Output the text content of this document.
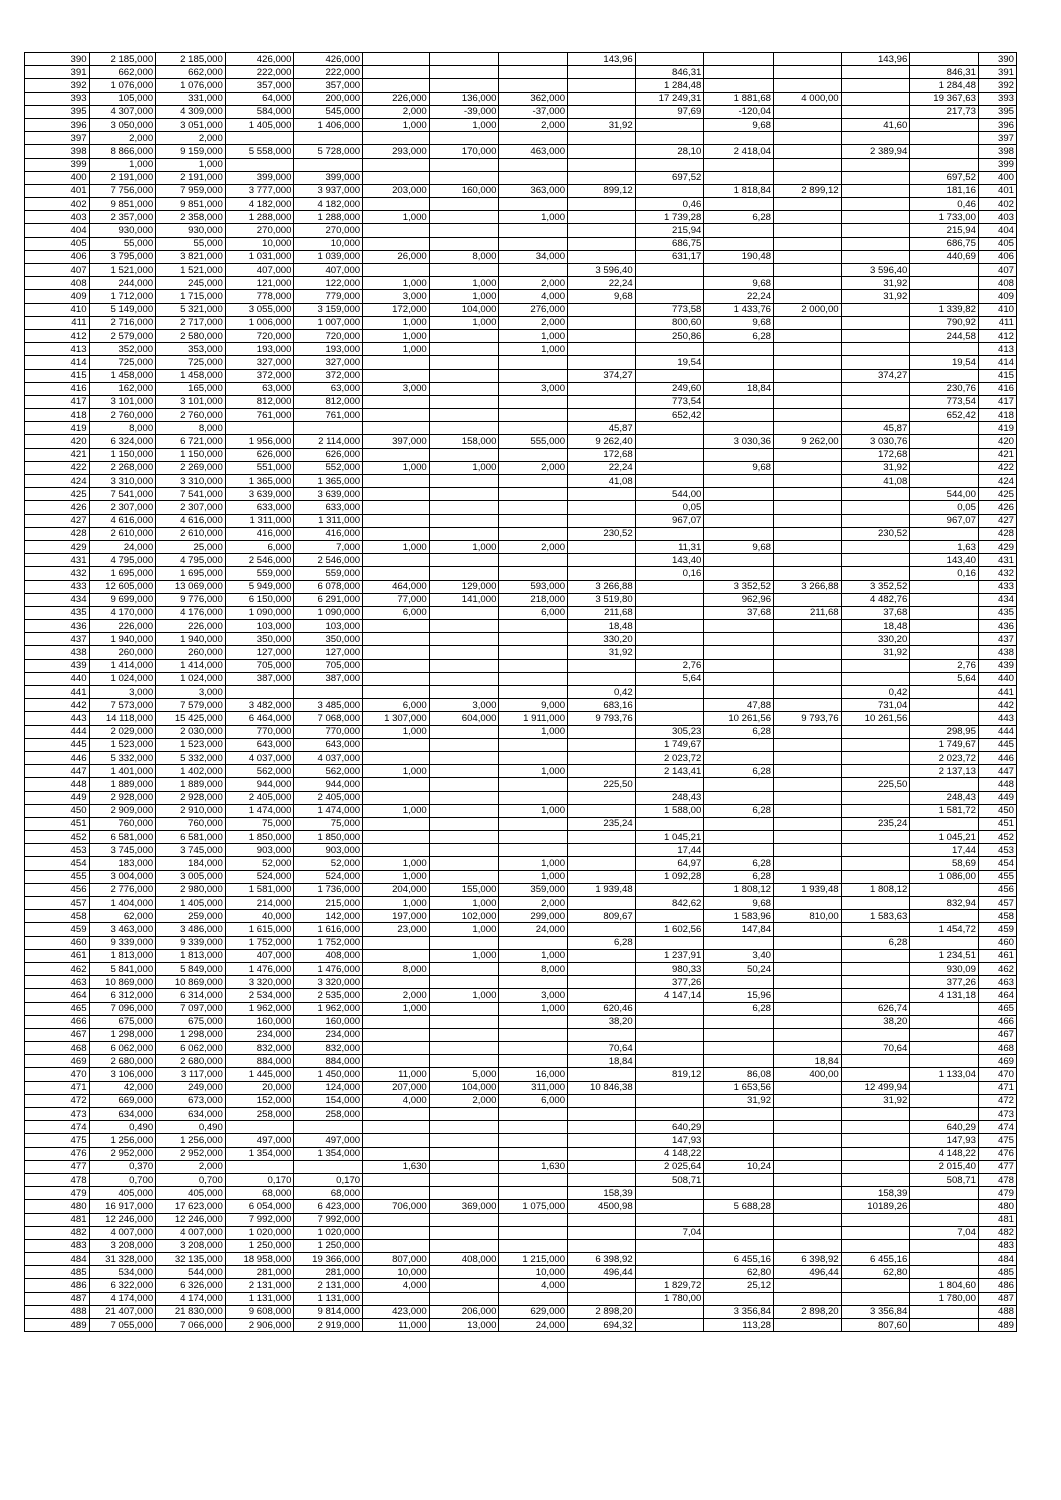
390	2 185,000	2 185,000	426,000	426,000				143,96				143,96		390
391	662,000	662,000	222,000	222,000					846,31				846,31	391
392	1 076,000	1 076,000	357,000	357,000					1 284,48				1 284,48	392
393	105,000	331,000	64,000	200,000	226,000	136,000	362,000		17 249,31	1 881,68	4 000,00		19 367,63	393
395	4 307,000	4 309,000	584,000	545,000	2,000	-39,000	-37,000		97,69	-120,04			217,73	395
396	3 050,000	3 051,000	1 405,000	1 406,000	1,000	1,000	2,000	31,92		9,68		41,60		396
397	2,000	2,000												397
398	8 866,000	9 159,000	5 558,000	5 728,000	293,000	170,000	463,000		28,10	2 418,04		2 389,94		398
399	1,000	1,000												399
400	2 191,000	2 191,000	399,000	399,000					697,52				697,52	400
401	7 756,000	7 959,000	3 777,000	3 937,000	203,000	160,000	363,000	899,12		1 818,84	2 899,12		181,16	401
402	9 851,000	9 851,000	4 182,000	4 182,000					0,46				0,46	402
403	2 357,000	2 358,000	1 288,000	1 288,000	1,000		1,000		1 739,28	6,28			1 733,00	403
404	930,000	930,000	270,000	270,000					215,94				215,94	404
405	55,000	55,000	10,000	10,000					686,75				686,75	405
406	3 795,000	3 821,000	1 031,000	1 039,000	26,000	8,000	34,000		631,17	190,48			440,69	406
407	1 521,000	1 521,000	407,000	407,000				3 596,40				3 596,40		407
408	244,000	245,000	121,000	122,000	1,000	1,000	2,000	22,24		9,68		31,92		408
409	1 712,000	1 715,000	778,000	779,000	3,000	1,000	4,000	9,68		22,24		31,92		409
410	5 149,000	5 321,000	3 055,000	3 159,000	172,000	104,000	276,000		773,58	1 433,76	2 000,00		1 339,82	410
411	2 716,000	2 717,000	1 006,000	1 007,000	1,000	1,000	2,000		800,60	9,68			790,92	411
412	2 579,000	2 580,000	720,000	720,000	1,000		1,000		250,86	6,28			244,58	412
413	352,000	353,000	193,000	193,000	1,000		1,000							413
414	725,000	725,000	327,000	327,000					19,54				19,54	414
415	1 458,000	1 458,000	372,000	372,000				374,27				374,27		415
416	162,000	165,000	63,000	63,000	3,000		3,000		249,60	18,84			230,76	416
417	3 101,000	3 101,000	812,000	812,000					773,54				773,54	417
418	2 760,000	2 760,000	761,000	761,000					652,42				652,42	418
419	8,000	8,000						45,87				45,87		419
420	6 324,000	6 721,000	1 956,000	2 114,000	397,000	158,000	555,000	9 262,40		3 030,36	9 262,00	3 030,76		420
421	1 150,000	1 150,000	626,000	626,000				172,68				172,68		421
422	2 268,000	2 269,000	551,000	552,000	1,000	1,000	2,000	22,24		9,68		31,92		422
424	3 310,000	3 310,000	1 365,000	1 365,000				41,08				41,08		424
425	7 541,000	7 541,000	3 639,000	3 639,000					544,00				544,00	425
426	2 307,000	2 307,000	633,000	633,000					0,05				0,05	426
427	4 616,000	4 616,000	1 311,000	1 311,000					967,07				967,07	427
428	2 610,000	2 610,000	416,000	416,000				230,52				230,52		428
429	24,000	25,000	6,000	7,000	1,000	1,000	2,000		11,31	9,68			1,63	429
431	4 795,000	4 795,000	2 546,000	2 546,000					143,40				143,40	431
432	1 695,000	1 695,000	559,000	559,000					0,16				0,16	432
433	12 605,000	13 069,000	5 949,000	6 078,000	464,000	129,000	593,000	3 266,88		3 352,52	3 266,88	3 352,52		433
434	9 699,000	9 776,000	6 150,000	6 291,000	77,000	141,000	218,000	3 519,80		962,96		4 482,76		434
435	4 170,000	4 176,000	1 090,000	1 090,000	6,000		6,000	211,68		37,68	211,68	37,68		435
436	226,000	226,000	103,000	103,000				18,48				18,48		436
437	1 940,000	1 940,000	350,000	350,000				330,20				330,20		437
438	260,000	260,000	127,000	127,000				31,92				31,92		438
439	1 414,000	1 414,000	705,000	705,000					2,76				2,76	439
440	1 024,000	1 024,000	387,000	387,000					5,64				5,64	440
441	3,000	3,000						0,42				0,42		441
442	7 573,000	7 579,000	3 482,000	3 485,000	6,000	3,000	9,000	683,16		47,88		731,04		442
443	14 118,000	15 425,000	6 464,000	7 068,000	1 307,000	604,000	1 911,000	9 793,76		10 261,56	9 793,76	10 261,56		443
444	2 029,000	2 030,000	770,000	770,000	1,000		1,000		305,23	6,28			298,95	444
445	1 523,000	1 523,000	643,000	643,000					1 749,67				1 749,67	445
446	5 332,000	5 332,000	4 037,000	4 037,000					2 023,72				2 023,72	446
447	1 401,000	1 402,000	562,000	562,000	1,000		1,000		2 143,41	6,28			2 137,13	447
448	1 889,000	1 889,000	944,000	944,000				225,50				225,50		448
449	2 928,000	2 928,000	2 405,000	2 405,000					248,43				248,43	449
450	2 909,000	2 910,000	1 474,000	1 474,000	1,000		1,000		1 588,00	6,28			1 581,72	450
451	760,000	760,000	75,000	75,000				235,24				235,24		451
452	6 581,000	6 581,000	1 850,000	1 850,000					1 045,21				1 045,21	452
453	3 745,000	3 745,000	903,000	903,000					17,44				17,44	453
454	183,000	184,000	52,000	52,000	1,000		1,000		64,97	6,28			58,69	454
455	3 004,000	3 005,000	524,000	524,000	1,000		1,000		1 092,28	6,28			1 086,00	455
456	2 776,000	2 980,000	1 581,000	1 736,000	204,000	155,000	359,000	1 939,48		1 808,12	1 939,48	1 808,12		456
457	1 404,000	1 405,000	214,000	215,000	1,000	1,000	2,000		842,62	9,68			832,94	457
458	62,000	259,000	40,000	142,000	197,000	102,000	299,000	809,67		1 583,96	810,00	1 583,63		458
459	3 463,000	3 486,000	1 615,000	1 616,000	23,000	1,000	24,000		1 602,56	147,84			1 454,72	459
460	9 339,000	9 339,000	1 752,000	1 752,000				6,28				6,28		460
461	1 813,000	1 813,000	407,000	408,000		1,000	1,000		1 237,91	3,40			1 234,51	461
462	5 841,000	5 849,000	1 476,000	1 476,000	8,000		8,000		980,33	50,24			930,09	462
463	10 869,000	10 869,000	3 320,000	3 320,000					377,26				377,26	463
464	6 312,000	6 314,000	2 534,000	2 535,000	2,000	1,000	3,000		4 147,14	15,96			4 131,18	464
465	7 096,000	7 097,000	1 962,000	1 962,000	1,000		1,000	620,46		6,28		626,74		465
466	675,000	675,000	160,000	160,000				38,20				38,20		466
467	1 298,000	1 298,000	234,000	234,000										467
468	6 062,000	6 062,000	832,000	832,000				70,64				70,64		468
469	2 680,000	2 680,000	884,000	884,000				18,84			18,84			469
470	3 106,000	3 117,000	1 445,000	1 450,000	11,000	5,000	16,000		819,12	86,08	400,00		1 133,04	470
471	42,000	249,000	20,000	124,000	207,000	104,000	311,000	10 846,38		1 653,56		12 499,94		471
472	669,000	673,000	152,000	154,000	4,000	2,000	6,000			31,92		31,92		472
473	634,000	634,000	258,000	258,000										473
474	0,490	0,490							640,29				640,29	474
475	1 256,000	1 256,000	497,000	497,000					147,93				147,93	475
476	2 952,000	2 952,000	1 354,000	1 354,000					4 148,22				4 148,22	476
477	0,370	2,000			1,630		1,630		2 025,64	10,24			2 015,40	477
478	0,700	0,700	0,170	0,170					508,71				508,71	478
479	405,000	405,000	68,000	68,000				158,39				158,39		479
480	16 917,000	17 623,000	6 054,000	6 423,000	706,000	369,000	1 075,000	4500,98		5 688,28		10189,26		480
481	12 246,000	12 246,000	7 992,000	7 992,000										481
482	4 007,000	4 007,000	1 020,000	1 020,000					7,04				7,04	482
483	3 208,000	3 208,000	1 250,000	1 250,000										483
484	31 328,000	32 135,000	18 958,000	19 366,000	807,000	408,000	1 215,000	6 398,92		6 455,16	6 398,92	6 455,16		484
485	534,000	544,000	281,000	281,000	10,000		10,000	496,44		62,80	496,44	62,80		485
486	6 322,000	6 326,000	2 131,000	2 131,000	4,000		4,000		1 829,72	25,12			1 804,60	486
487	4 174,000	4 174,000	1 131,000	1 131,000					1 780,00				1 780,00	487
488	21 407,000	21 830,000	9 608,000	9 814,000	423,000	206,000	629,000	2 898,20		3 356,84	2 898,20	3 356,84		488
489	7 055,000	7 066,000	2 906,000	2 919,000	11,000	13,000	24,000	694,32		113,28		807,60		489
